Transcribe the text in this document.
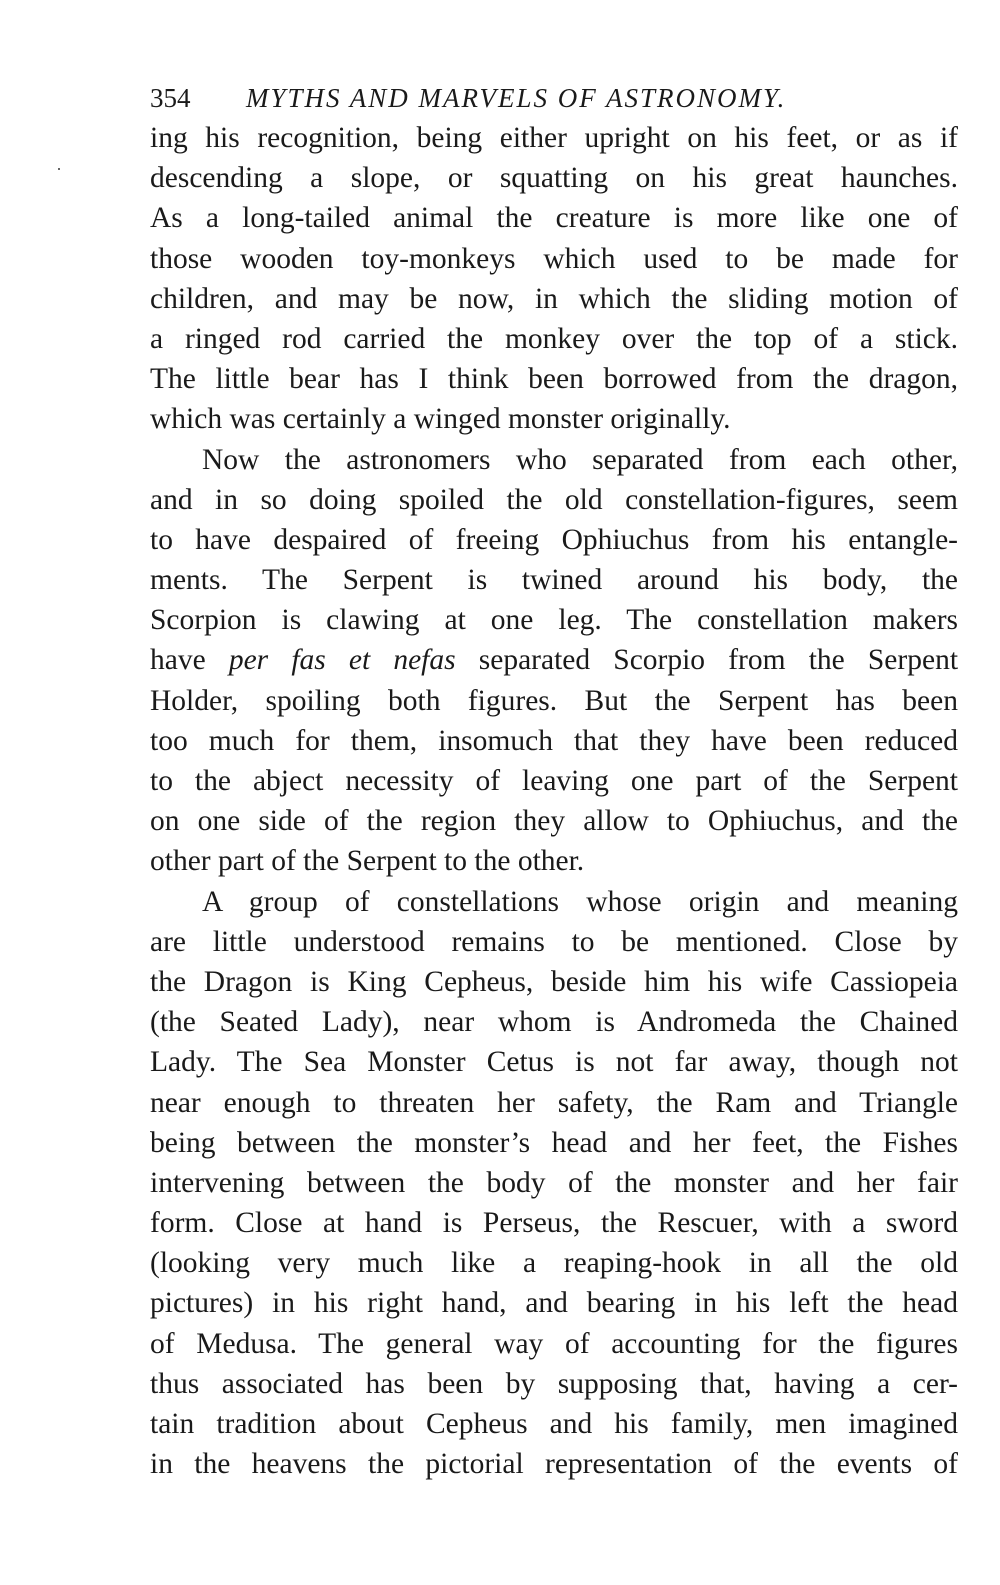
354 MYTHS AND MARVELS OF ASTRONOMY.
ing his recognition, being either upright on his feet, or as if
descending a slope, or squatting on his great haunches.
As a long-tailed animal the creature is more like one of
those wooden toy-monkeys which used to be made for
children, and may be now, in which the sliding motion of
a ringed rod carried the monkey over the top of a stick.
The little bear has I think been borrowed from the dragon,
which was certainly a winged monster originally.
Now the astronomers who separated from each other,
and in so doing spoiled the old constellation-figures, seem
to have despaired of freeing Ophiuchus from his entangle-
ments. The Serpent is twined around his body, the
Scorpion is clawing at one leg. The constellation makers
have per fas et nefas separated Scorpio from the Serpent
Holder, spoiling both figures. But the Serpent has been
too much for them, insomuch that they have been reduced
to the abject necessity of leaving one part of the Serpent
on one side of the region they allow to Ophiuchus, and the
other part of the Serpent to the other.
A group of constellations whose origin and meaning
are little understood remains to be mentioned. Close by
the Dragon is King Cepheus, beside him his wife Cassiopeia
(the Seated Lady), near whom is Andromeda the Chained
Lady. The Sea Monster Cetus is not far away, though not
near enough to threaten her safety, the Ram and Triangle
being between the monster’s head and her feet, the Fishes
intervening between the body of the monster and her fair
form. Close at hand is Perseus, the Rescuer, with a sword
(looking very much like a reaping-hook in all the old
pictures) in his right hand, and bearing in his left the head
of Medusa. The general way of accounting for the figures
thus associated has been by supposing that, having a cer-
tain tradition about Cepheus and his family, men imagined
in the heavens the pictorial representation of the events of
